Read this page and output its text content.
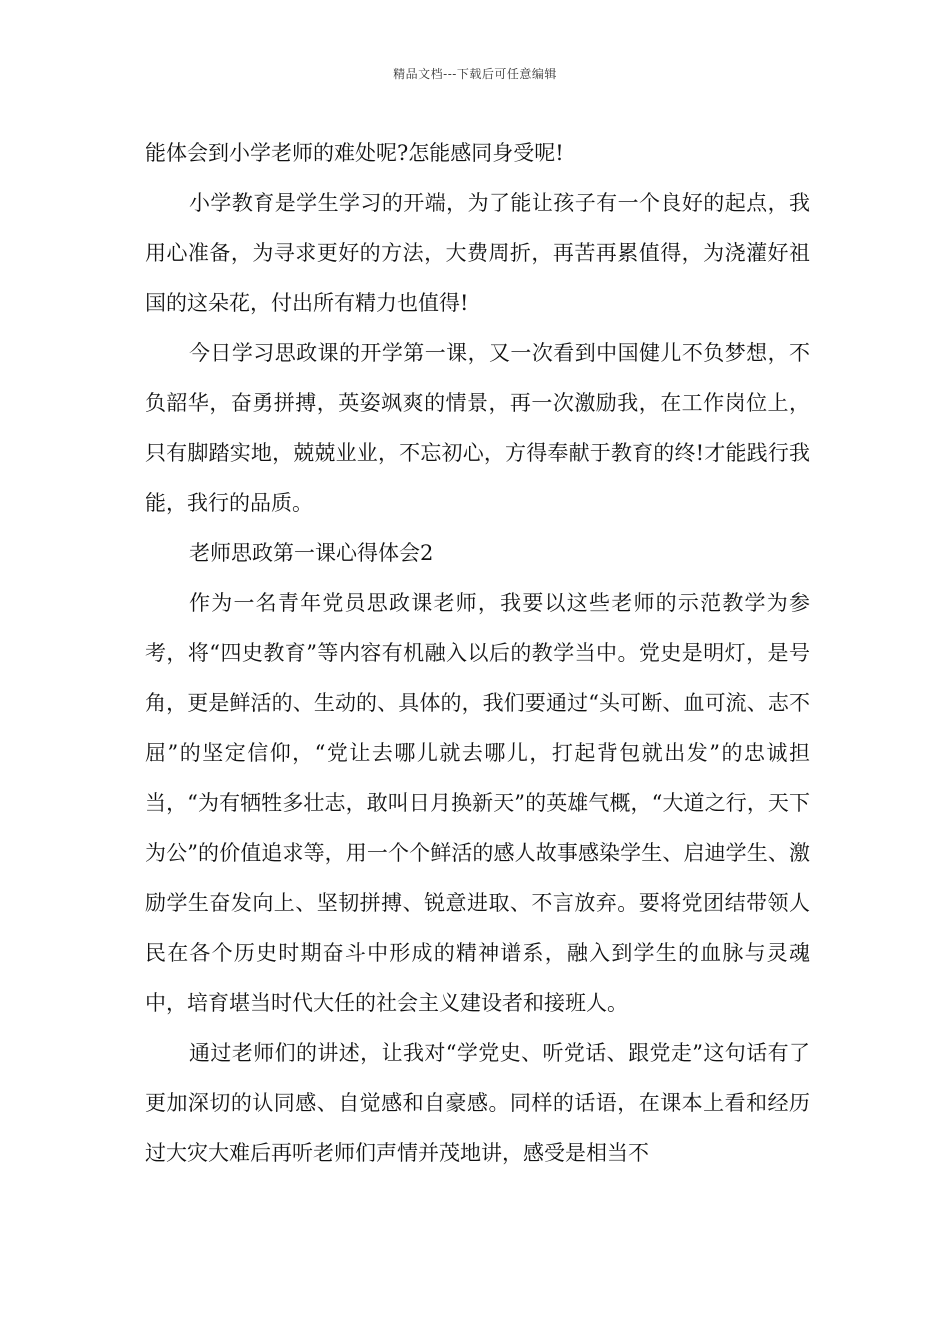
精品文档---下载后可任意编辑

能体会到小学老师的难处呢?怎能感同身受呢!

小学教育是学生学习的开端，为了能让孩子有一个良好的起点，我用心准备，为寻求更好的方法，大费周折，再苦再累值得，为浇灌好祖国的这朵花，付出所有精力也值得!

今日学习思政课的开学第一课，又一次看到中国健儿不负梦想，不负韶华，奋勇拼搏，英姿飒爽的情景，再一次激励我，在工作岗位上，只有脚踏实地，兢兢业业，不忘初心，方得奉献于教育的终!才能践行我能，我行的品质。

老师思政第一课心得体会2

作为一名青年党员思政课老师，我要以这些老师的示范教学为参考，将“四史教育”等内容有机融入以后的教学当中。党史是明灯，是号角，更是鲜活的、生动的、具体的，我们要通过“头可断、血可流、志不屈”的坚定信仰，“党让去哪儿就去哪儿，打起背包就出发”的忠诚担当，“为有牺牲多壮志，敢叫日月换新天”的英雄气概，“大道之行，天下为公”的价值追求等，用一个个鲜活的感人故事感染学生、启迪学生、激励学生奋发向上、坚韧拼搏、锐意进取、不言放弃。要将党团结带领人民在各个历史时期奋斗中形成的精神谱系，融入到学生的血脉与灵魂中，培育堪当时代大任的社会主义建设者和接班人。

通过老师们的讲述，让我对“学党史、听党话、跟党走”这句话有了更加深切的认同感、自觉感和自豪感。同样的话语，在课本上看和经历过大灾大难后再听老师们声情并茂地讲，感受是相当不
